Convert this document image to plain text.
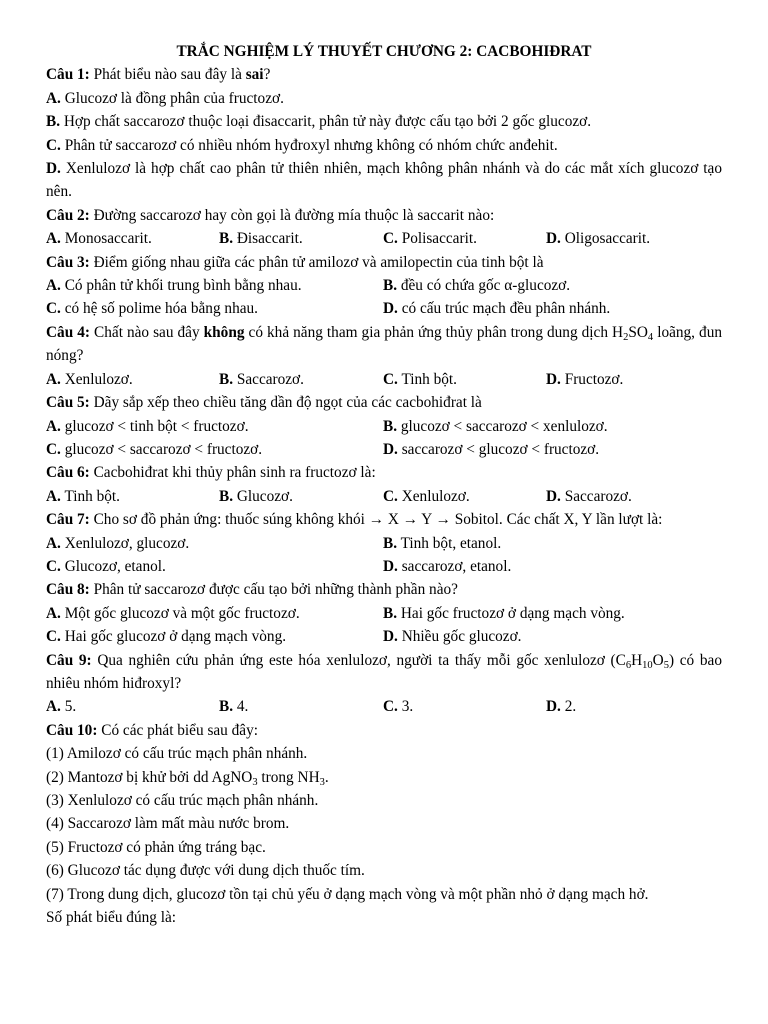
TRẮC NGHIỆM LÝ THUYẾT CHƯƠNG 2: CACBOHIĐRAT
Câu 1: Phát biểu nào sau đây là sai?
A. Glucozơ là đồng phân của fructozơ.
B. Hợp chất saccarozơ thuộc loại đisaccarit, phân tử này được cấu tạo bởi 2 gốc glucozơ.
C. Phân tử saccarozơ có nhiều nhóm hyđroxyl nhưng không có nhóm chức anđehit.
D. Xenlulozơ là hợp chất cao phân tử thiên nhiên, mạch không phân nhánh và do các mắt xích glucozơ tạo nên.
Câu 2: Đường saccarozơ hay còn gọi là đường mía thuộc là saccarit nào:
A. Monosaccarit.	B. Đisaccarit.	C. Polisaccarit.	D. Oligosaccarit.
Câu 3: Điểm giống nhau giữa các phân tử amilozơ và amilopectin của tinh bột là
A. Có phân tử khối trung bình bằng nhau.	B. đều có chứa gốc α-glucozơ.
C. có hệ số polime hóa bằng nhau.	D. có cấu trúc mạch đều phân nhánh.
Câu 4: Chất nào sau đây không có khả năng tham gia phản ứng thủy phân trong dung dịch $H_2SO_4$ loãng, đun nóng?
A. Xenlulozơ.	B. Saccarozơ.	C. Tinh bột.	D. Fructozơ.
Câu 5: Dãy sắp xếp theo chiều tăng dần độ ngọt của các cacbohiđrat là
A. glucozơ < tinh bột < fructozơ.	B. glucozơ < saccarozơ < xenlulozơ.
C. glucozơ < saccarozơ < fructozơ.	D. saccarozơ < glucozơ < fructozơ.
Câu 6: Cacbohiđrat khi thủy phân sinh ra fructozơ là:
A. Tinh bột.	B. Glucozơ.	C. Xenlulozơ.	D. Saccarozơ.
Câu 7: Cho sơ đồ phản ứng: thuốc súng không khói → X → Y → Sobitol. Các chất X, Y lần lượt là:
A. Xenlulozơ, glucozơ.	B. Tinh bột, etanol.
C. Glucozơ, etanol.	D. saccarozơ, etanol.
Câu 8: Phân tử saccarozơ được cấu tạo bởi những thành phần nào?
A. Một gốc glucozơ và một gốc fructozơ.	B. Hai gốc fructozơ ở dạng mạch vòng.
C. Hai gốc glucozơ ở dạng mạch vòng.	D. Nhiều gốc glucozơ.
Câu 9: Qua nghiên cứu phản ứng este hóa xenlulozơ, người ta thấy mỗi gốc xenlulozơ $(C_6H_{10}O_5)$ có bao nhiêu nhóm hiđroxyl?
A. 5.	B. 4.	C. 3.	D. 2.
Câu 10: Có các phát biểu sau đây:
(1) Amilozơ có cấu trúc mạch phân nhánh.
(2) Mantozơ bị khử bởi dd AgNO$_3$ trong $NH_3$.
(3) Xenlulozơ có cấu trúc mạch phân nhánh.
(4) Saccarozơ làm mất màu nước brom.
(5) Fructozơ có phản ứng tráng bạc.
(6) Glucozơ tác dụng được với dung dịch thuốc tím.
(7) Trong dung dịch, glucozơ tồn tại chủ yếu ở dạng mạch vòng và một phần nhỏ ở dạng mạch hở.
Số phát biểu đúng là:
